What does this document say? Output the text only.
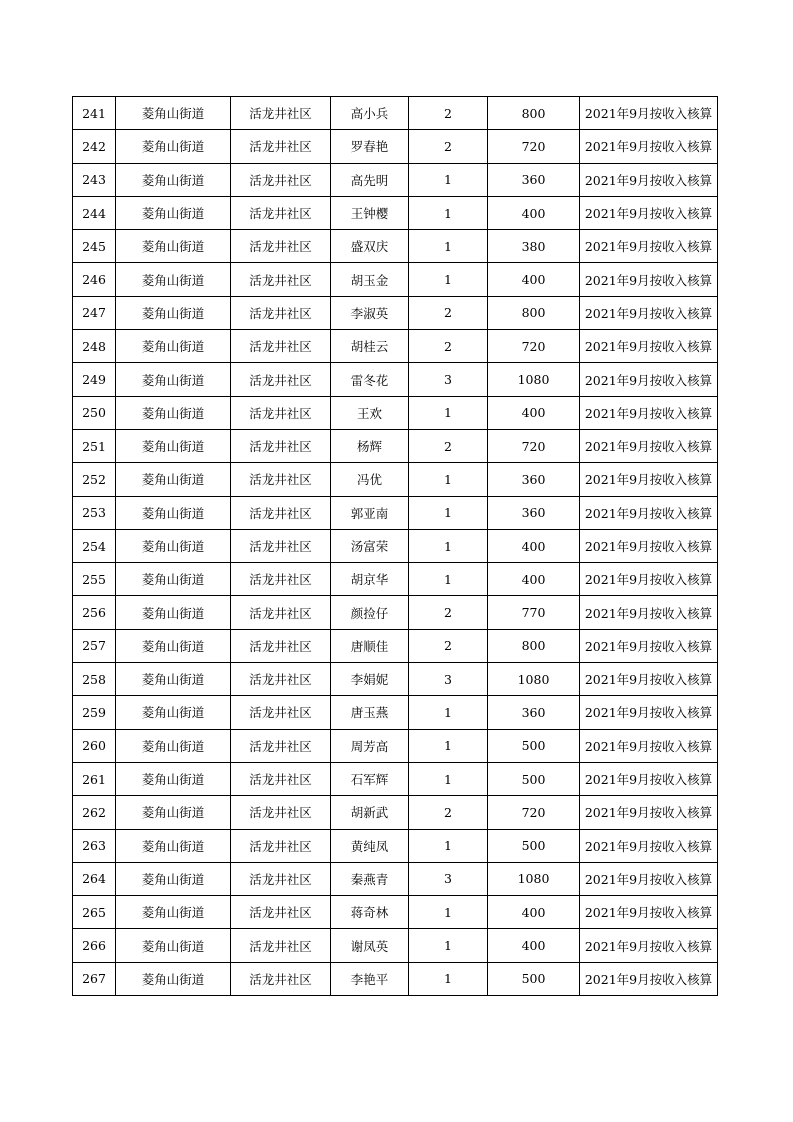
241	菱角山街道	活龙井社区	高小兵	2	800	2021年9月按收入核算
242	菱角山街道	活龙井社区	罗春艳	2	720	2021年9月按收入核算
243	菱角山街道	活龙井社区	高先明	1	360	2021年9月按收入核算
244	菱角山街道	活龙井社区	王钟樱	1	400	2021年9月按收入核算
245	菱角山街道	活龙井社区	盛双庆	1	380	2021年9月按收入核算
246	菱角山街道	活龙井社区	胡玉金	1	400	2021年9月按收入核算
247	菱角山街道	活龙井社区	李淑英	2	800	2021年9月按收入核算
248	菱角山街道	活龙井社区	胡桂云	2	720	2021年9月按收入核算
249	菱角山街道	活龙井社区	雷冬花	3	1080	2021年9月按收入核算
250	菱角山街道	活龙井社区	王欢	1	400	2021年9月按收入核算
251	菱角山街道	活龙井社区	杨辉	2	720	2021年9月按收入核算
252	菱角山街道	活龙井社区	冯优	1	360	2021年9月按收入核算
253	菱角山街道	活龙井社区	郭亚南	1	360	2021年9月按收入核算
254	菱角山街道	活龙井社区	汤富荣	1	400	2021年9月按收入核算
255	菱角山街道	活龙井社区	胡京华	1	400	2021年9月按收入核算
256	菱角山街道	活龙井社区	颜捡仔	2	770	2021年9月按收入核算
257	菱角山街道	活龙井社区	唐顺佳	2	800	2021年9月按收入核算
258	菱角山街道	活龙井社区	李娟妮	3	1080	2021年9月按收入核算
259	菱角山街道	活龙井社区	唐玉燕	1	360	2021年9月按收入核算
260	菱角山街道	活龙井社区	周芳高	1	500	2021年9月按收入核算
261	菱角山街道	活龙井社区	石军辉	1	500	2021年9月按收入核算
262	菱角山街道	活龙井社区	胡新武	2	720	2021年9月按收入核算
263	菱角山街道	活龙井社区	黄纯凤	1	500	2021年9月按收入核算
264	菱角山街道	活龙井社区	秦燕青	3	1080	2021年9月按收入核算
265	菱角山街道	活龙井社区	蒋奇林	1	400	2021年9月按收入核算
266	菱角山街道	活龙井社区	谢凤英	1	400	2021年9月按收入核算
267	菱角山街道	活龙井社区	李艳平	1	500	2021年9月按收入核算
